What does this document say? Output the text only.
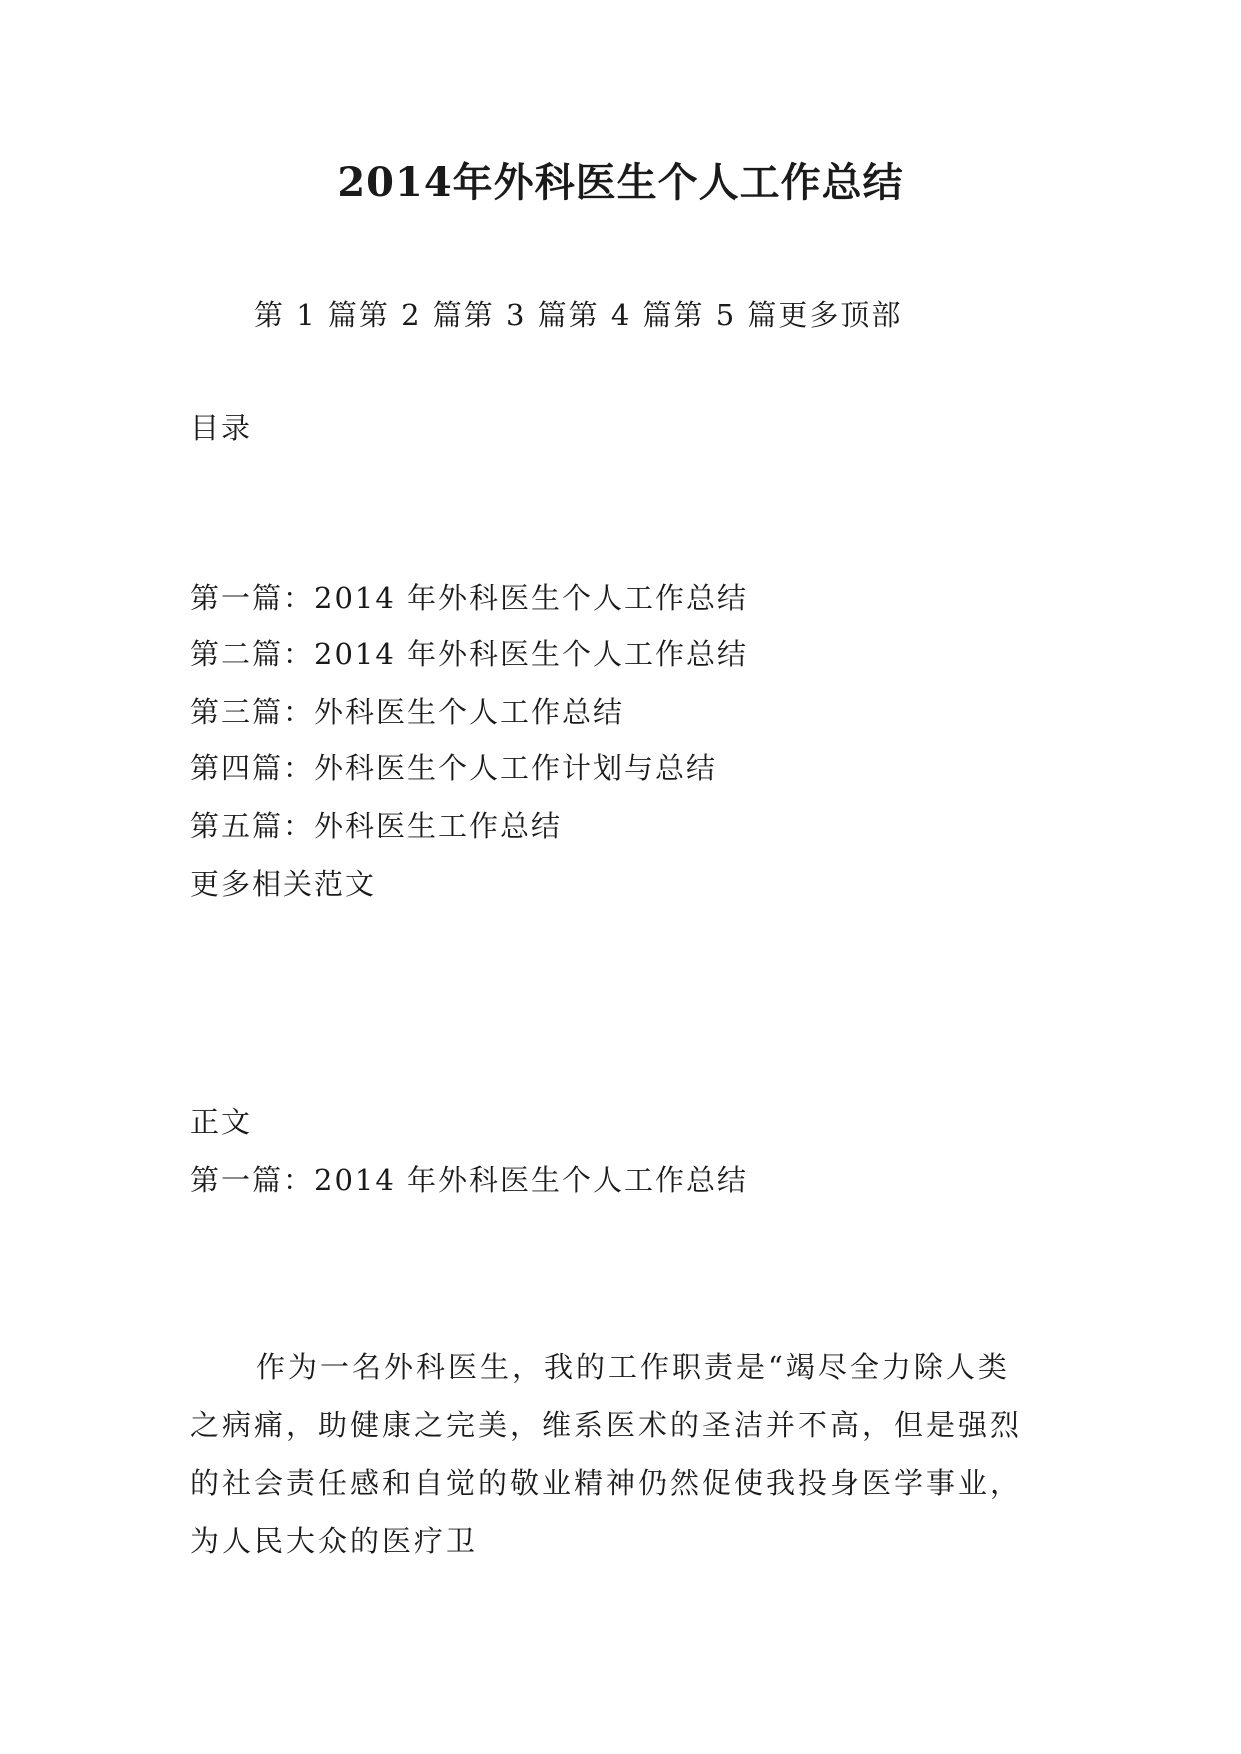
2014年外科医生个人工作总结
第 1 篇第 2 篇第 3 篇第 4 篇第 5 篇更多顶部
目录
第一篇：2014 年外科医生个人工作总结
第二篇：2014 年外科医生个人工作总结
第三篇：外科医生个人工作总结
第四篇：外科医生个人工作计划与总结
第五篇：外科医生工作总结
更多相关范文
正文
第一篇：2014 年外科医生个人工作总结
作为一名外科医生，我的工作职责是“竭尽全力除人类
之病痛，助健康之完美，维系医术的圣洁并不高，但是强烈
的社会责任感和自觉的敬业精神仍然促使我投身医学事业，
为人民大众的医疗卫
